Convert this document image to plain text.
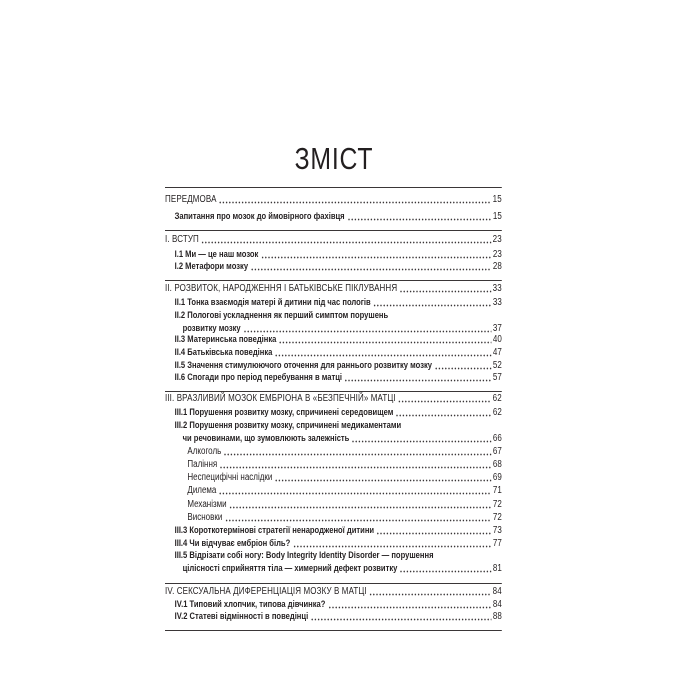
ЗМІСТ
ПЕРЕДМОВА	15
Запитання про мозок до ймовірного фахівця	15
I. ВСТУП	23
I.1 Ми — це наш мозок	23
I.2 Метафори мозку	28
II. РОЗВИТОК, НАРОДЖЕННЯ І БАТЬКІВСЬКЕ ПІКЛУВАННЯ	33
II.1 Тонка взаємодія матері й дитини під час пологів	33
II.2 Пологові ускладнення як перший симптом порушень
розвитку мозку	37
II.3 Материнська поведінка	40
II.4 Батьківська поведінка	47
II.5 Значення стимулюючого оточення для раннього розвитку мозку	52
II.6 Спогади про період перебування в матці	57
III. ВРАЗЛИВИЙ МОЗОК ЕМБРІОНА В «БЕЗПЕЧНІЙ» МАТЦІ	62
III.1 Порушення розвитку мозку, спричинені середовищем	62
III.2 Порушення розвитку мозку, спричинені медикаментами
чи речовинами, що зумовлюють залежність	66
Алкоголь	67
Паління	68
Неспецифічні наслідки	69
Дилема	71
Механізми	72
Висновки	72
III.3 Короткотермінові стратегії ненародженої дитини	73
III.4 Чи відчуває ембріон біль?	77
III.5 Відрізати собі ногу: Body Integrity Identity Disorder — порушення
цілісності сприйняття тіла — химерний дефект розвитку	81
IV. СЕКСУАЛЬНА ДИФЕРЕНЦІАЦІЯ МОЗКУ В МАТЦІ	84
IV.1 Типовий хлопчик, типова дівчинка?	84
IV.2 Статеві відмінності в поведінці	88
